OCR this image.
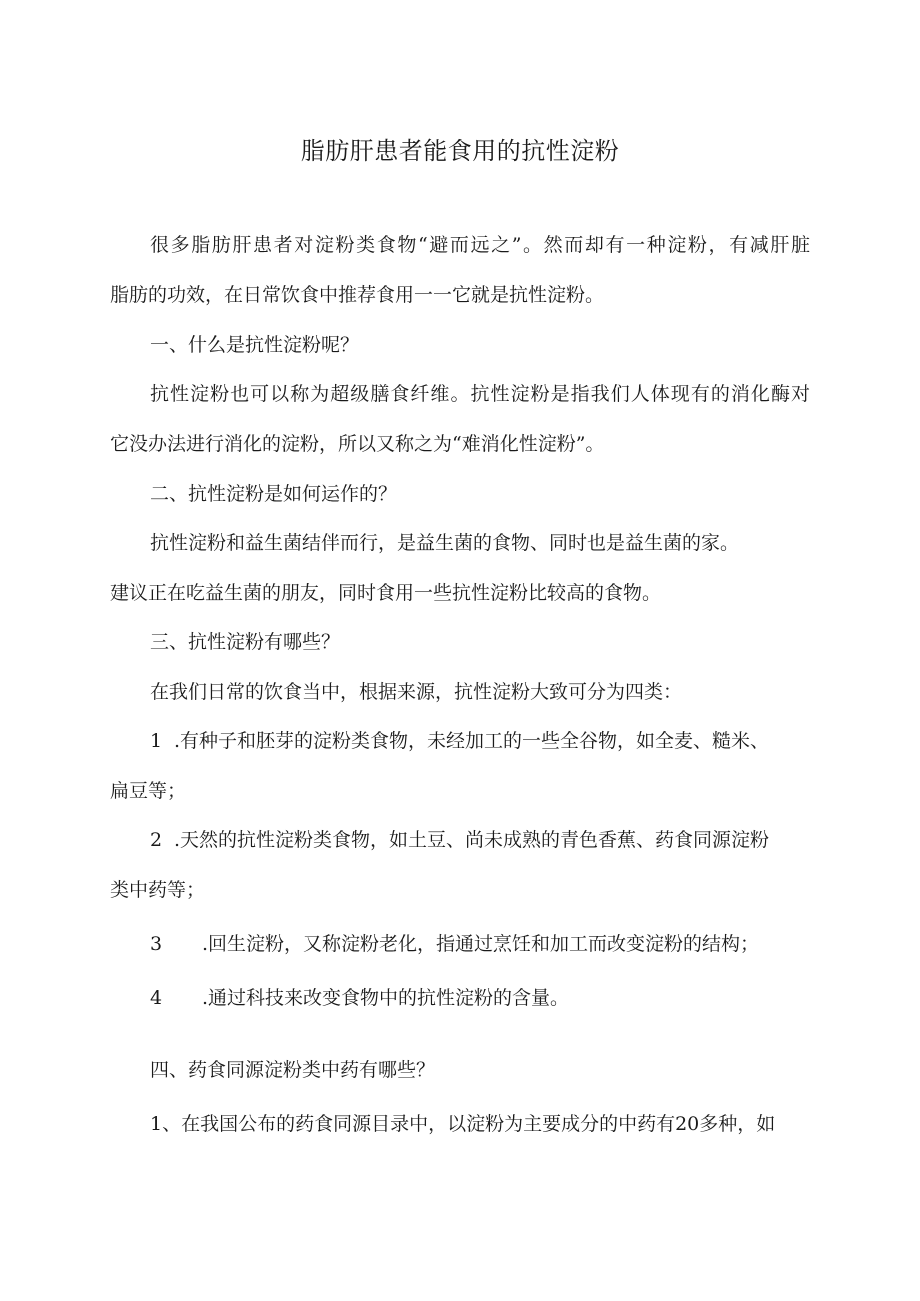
脂肪肝患者能食用的抗性淀粉
很多脂肪肝患者对淀粉类食物“避而远之”。然而却有一种淀粉，有减肝脏
脂肪的功效，在日常饮食中推荐食用一一它就是抗性淀粉。
一、什么是抗性淀粉呢？
抗性淀粉也可以称为超级膳食纤维。抗性淀粉是指我们人体现有的消化酶对
它没办法进行消化的淀粉，所以又称之为“难消化性淀粉”。
二、抗性淀粉是如何运作的？
抗性淀粉和益生菌结伴而行，是益生菌的食物、同时也是益生菌的家。
建议正在吃益生菌的朋友，同时食用一些抗性淀粉比较高的食物。
三、抗性淀粉有哪些？
在我们日常的饮食当中，根据来源，抗性淀粉大致可分为四类：
1 .有种子和胚芽的淀粉类食物，未经加工的一些全谷物，如全麦、糙米、
扁豆等；
2 .天然的抗性淀粉类食物，如土豆、尚未成熟的青色香蕉、药食同源淀粉
类中药等；
3 .回生淀粉，又称淀粉老化，指通过烹饪和加工而改变淀粉的结构；
4 .通过科技来改变食物中的抗性淀粉的含量。
四、药食同源淀粉类中药有哪些？
1、在我国公布的药食同源目录中，以淀粉为主要成分的中药有20多种，如
